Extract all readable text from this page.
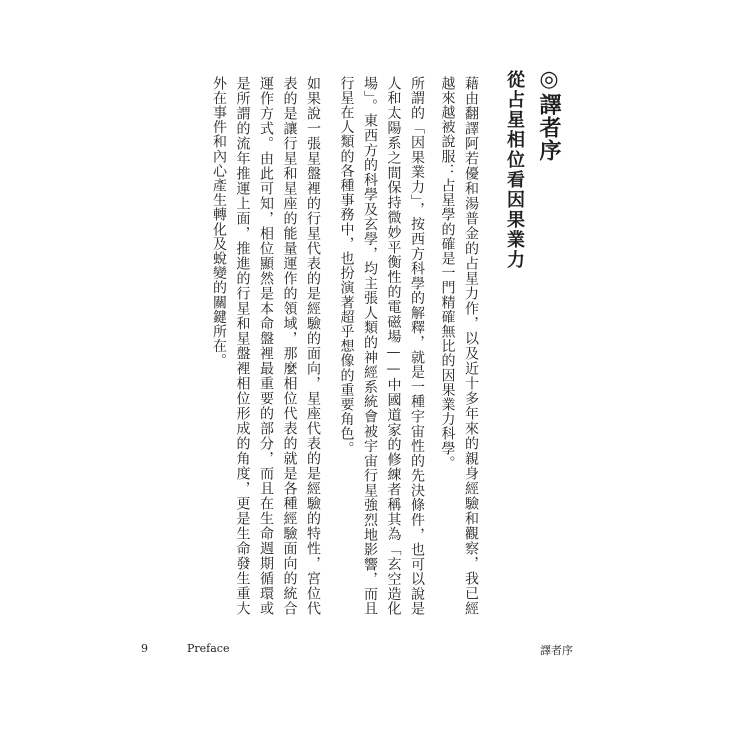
◎譯者序
從占星相位看因果業力
藉由翻譯阿若優和湯普金的占星力作，以及近十多年來的親身經驗和觀察，我已經越來越被說服：占星學的確是一門精確無比的因果業力科學。
所謂的「因果業力」，按西方科學的解釋，就是一種宇宙性的先決條件，也可以說是人和太陽系之間保持微妙平衡性的電磁場——中國道家的修練者稱其為「玄空造化場」。東西方的科學及玄學，均主張人類的神經系統會被宇宙行星強烈地影響，而且行星在人類的各種事務中，也扮演著超乎想像的重要角色。
如果說一張星盤裡的行星代表的是經驗的面向，星座代表的是經驗的特性，宮位代表的是讓行星和星座的能量運作的領域，那麼相位代表的就是各種經驗面向的統合運作方式。由此可知，相位顯然是本命盤裡最重要的部分，而且在生命週期循環或是所謂的流年推運上面，推進的行星和星盤裡相位形成的角度，更是生命發生重大外在事件和內心產生轉化及蛻變的關鍵所在。
9	Preface	譯者序
